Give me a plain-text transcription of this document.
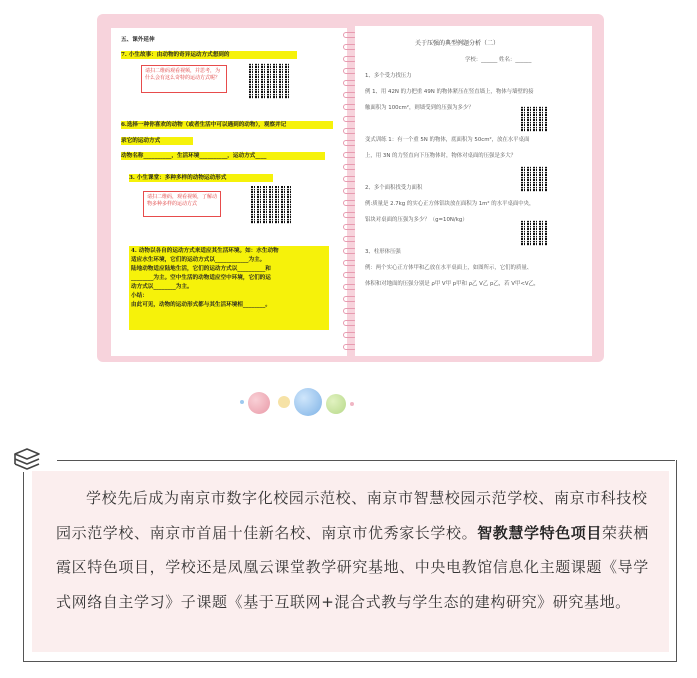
五、课外延伸
7. 小生故事：由动物的奇异运动方式想到的
请扫二维码观看视频，并思考，为什么会有这么奇特的运动方式呢？
6.选择一种你喜欢的动物（或者生活中可以遇到的动物），观察并记
录它的运动方式
动物名称__________，生活环境__________，运动方式____
3. 小生课堂：多种多样的动物运动形式
请扫二维码，观看视频，了解动物多种多样的运动方式
4. 动物以各自的运动方式来适应其生活环境。如：水生动物
适应水生环境，它们的运动方式以____________为主。
陆地动物适应陆地生活，它们的运动方式以__________和
________为主。空中生活的动物适应空中环境，它们的运
动方式以________为主。
小结：
由此可见，动物的运动形式都与其生活环境相________。
关于压强的典型例题分析（二）
学校：______ 姓名：______
1、多个受力找压力
例 1、用 42N 的力把重 49N 的物体紧压在竖直墙上，物体与墙壁的接
触面积为 100cm²，则墙受到的压强为多少？
变式训练 1：有一个重 5N 的物体，底面积为 50cm²，放在水平桌面
上，用 3N 的力竖直向下压物体时，物体对桌面的压强是多大？
2、多个面积找受力面积
例:质量是 2.7kg 的实心正方体铝块放在面积为 1m² 的水平桌面中央，
铝块对桌面的压强为多少？（g=10N/kg）
3、柱形体压强
例：两个实心正方体甲和乙放在水平桌面上，如图所示，它们的质量、
体积和对地面的压强分别是 ρ甲 V甲 p甲和 ρ乙 V乙 p乙，若 V甲<V乙，

学校先后成为南京市数字化校园示范校、南京市智慧校园示范学校、南京市科技校园示范学校、南京市首届十佳新名校、南京市优秀家长学校。智教慧学特色项目荣获栖霞区特色项目，学校还是凤凰云课堂教学研究基地、中央电教馆信息化主题课题《导学式网络自主学习》子课题《基于互联网+混合式教与学生态的建构研究》研究基地。
